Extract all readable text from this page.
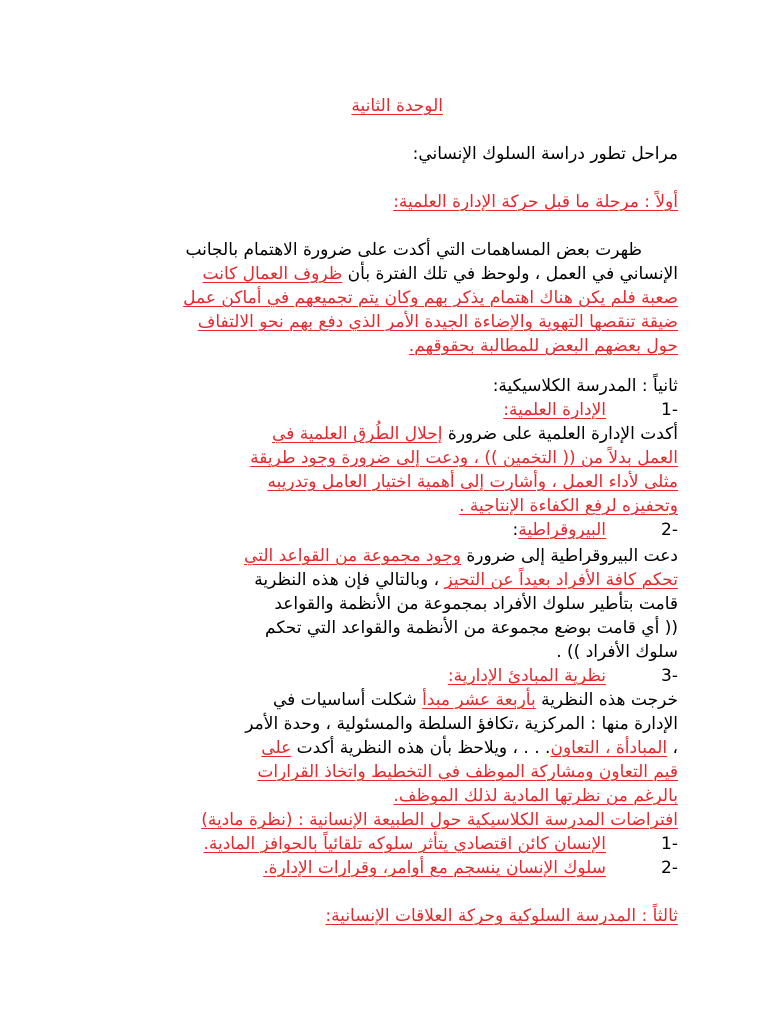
الوحدة الثانية

مراحل تطور دراسة السلوك الإنساني:

أولاً : مرحلة ما قبل حركة الإدارة العلمية:

ظهرت بعض المساهمات التي أكدت على ضرورة الاهتمام بالجانب

الإنساني في العمل ، ولوحظ في تلك الفترة بأن ظروف العمال كانت

صعبة فلم يكن هناك اهتمام يذكر بهم وكان يتم تجميعهم في أماكن عمل

ضيقة تنقصها التهوية والإضاءة الجيدة الأمر الذي دفع بهم نحو الالتفاف

حول بعضهم البعض للمطالبة بحقوقهم.

ثانياً : المدرسة الكلاسيكية:

-1

الإدارة العلمية:

أكدت الإدارة العلمية على ضرورة إحلال الطُرق العلمية في

العمل بدلاً من (( التخمين )) ، ودعت إلى ضرورة وجود طريقة

مثلى لأداء العمل ، وأشارت إلى أهمية اختيار العامل وتدريبه

وتحفيزه لرفع الكفاءة الإنتاجية .

-2

البيروقراطية:

دعت البيروقراطية إلى ضرورة وجود مجموعة من القواعد التي

تحكم كافة الأفراد بعيداً عن التحيز ، وبالتالي فإن هذه النظرية

قامت بتأطير سلوك الأفراد بمجموعة من الأنظمة والقواعد

(( أي قامت بوضع مجموعة من الأنظمة والقواعد التي تحكم

سلوك الأفراد )) .

-3

نظرية المبادئ الإدارية:

خرجت هذه النظرية بأربعة عشر مبدأ شكلت أساسيات في

الإدارة منها : المركزية ،تكافؤ السلطة والمسئولية ، وحدة الأمر

، المبادأة ، التعاون. . . ، ويلاحظ بأن هذه النظرية أكدت على

قيم التعاون ومشاركة الموظف في التخطيط واتخاذ القرارات

بالرغم من نظرتها المادية لذلك الموظف.

افتراضات المدرسة الكلاسيكية حول الطبيعة الإنسانية : (نظرة مادية)

-1

الإنسان كائن اقتصادي يتأثر سلوكه تلقائياً بالحوافز المادية.

-2

سلوك الإنسان ينسجم مع أوامر، وقرارات الإدارة.

ثالثاً : المدرسة السلوكية وحركة العلاقات الإنسانية:
